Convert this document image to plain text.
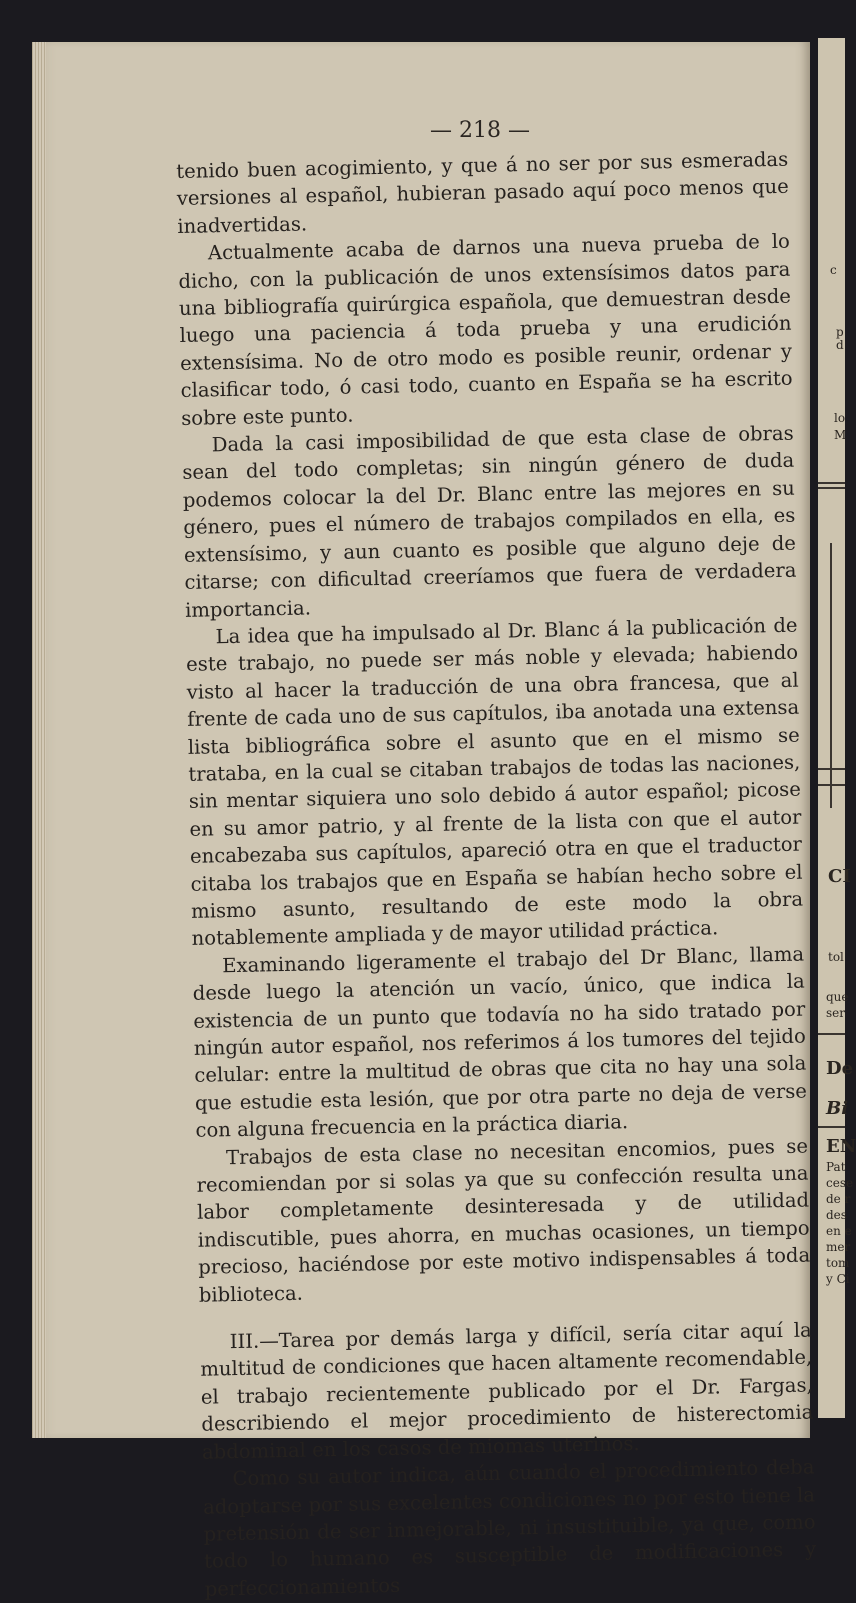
— 218 —

tenido buen acogimiento, y que á no ser por sus esmeradas versiones al español, hubieran pasado aquí poco menos que inadvertidas.

Actualmente acaba de darnos una nueva prueba de lo dicho, con la publicación de unos extensísimos datos para una bibliografía quirúrgica española, que demuestran desde luego una paciencia á toda prueba y una erudición extensísima. No de otro modo es posible reunir, ordenar y clasificar todo, ó casi todo, cuanto en España se ha escrito sobre este punto.

Dada la casi imposibilidad de que esta clase de obras sean del todo completas; sin ningún género de duda podemos colocar la del Dr. Blanc entre las mejores en su género, pues el número de trabajos compilados en ella, es extensísimo, y aun cuanto es posible que alguno deje de citarse; con dificultad creeríamos que fuera de verdadera importancia.

La idea que ha impulsado al Dr. Blanc á la publicación de este trabajo, no puede ser más noble y elevada; habiendo visto al hacer la traducción de una obra francesa, que al frente de cada uno de sus capítulos, iba anotada una extensa lista bibliográfica sobre el asunto que en el mismo se trataba, en la cual se citaban trabajos de todas las naciones, sin mentar siquiera uno solo debido á autor español; picose en su amor patrio, y al frente de la lista con que el autor encabezaba sus capítulos, apareció otra en que el traductor citaba los trabajos que en España se habían hecho sobre el mismo asunto, resultando de este modo la obra notablemente ampliada y de mayor utilidad práctica.

Examinando ligeramente el trabajo del Dr Blanc, llama desde luego la atención un vacío, único, que indica la existencia de un punto que todavía no ha sido tratado por ningún autor español, nos referimos á los tumores del tejido celular: entre la multitud de obras que cita no hay una sola que estudie esta lesión, que por otra parte no deja de verse con alguna frecuencia en la práctica diaria.

Trabajos de esta clase no necesitan encomios, pues se recomiendan por si solas ya que su confección resulta una labor completamente desinteresada y de utilidad indiscutible, pues ahorra, en muchas ocasiones, un tiempo precioso, haciéndose por este motivo indispensables á toda biblioteca.

III.—Tarea por demás larga y difícil, sería citar aquí la multitud de condiciones que hacen altamente recomendable, el trabajo recientemente publicado por el Dr. Fargas, describiendo el mejor procedimiento de histerectomia abdominal en los casos de miomas uterinos.

Como su autor indica, aún cuando el procedimiento deba adoptarse por sus excelentes condiciones no por esto tiene la pretensión de ser inmejorable, ni insustituible, ya que, como todo lo humano es susceptible de modificaciones y perfeccionamientos

c
p
d
lo
M
CI
tol
que
ser
De
Bi
EN
Pat
cese
de r
des
en e
mer
tom
y Ci
